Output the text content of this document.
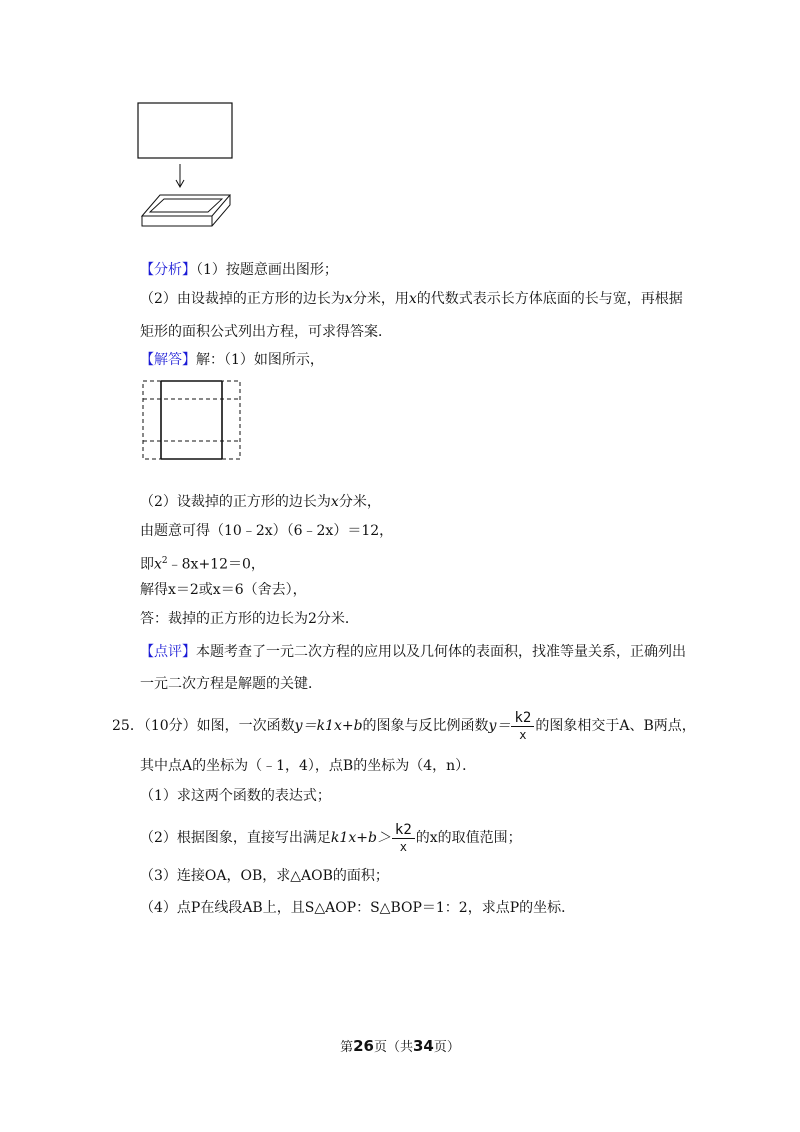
【分析】（1）按题意画出图形；
（2）由设裁掉的正方形的边长为x分米，用x的代数式表示长方体底面的长与宽，再根据
矩形的面积公式列出方程，可求得答案．
【解答】解：（1）如图所示，
（2）设裁掉的正方形的边长为x分米，
由题意可得（10﹣2x）（6﹣2x）＝12，
即$x^2﹣8x+12=0$，
解得x＝2或x＝6（舍去），
答：裁掉的正方形的边长为2分米．
【点评】本题考查了一元二次方程的应用以及几何体的表面积，找准等量关系，正确列出
一元二次方程是解题的关键．
25．（10分）如图，一次函数y＝k1x+b的图象与反比例函数$y= \frac{k2}{x}$ 的图象相交于A、B两点，
其中点A的坐标为（﹣1，4），点B的坐标为（4，n）．
（1）求这两个函数的表达式；
（2）根据图象，直接写出满足$k1x+b> \frac{k2}{x}$ 的x的取值范围；
（3）连接OA，OB，求△AOB的面积；
（4）点P在线段AB上，且S△AOP：S△BOP＝1：2，求点P的坐标．
第26页（共34页）
